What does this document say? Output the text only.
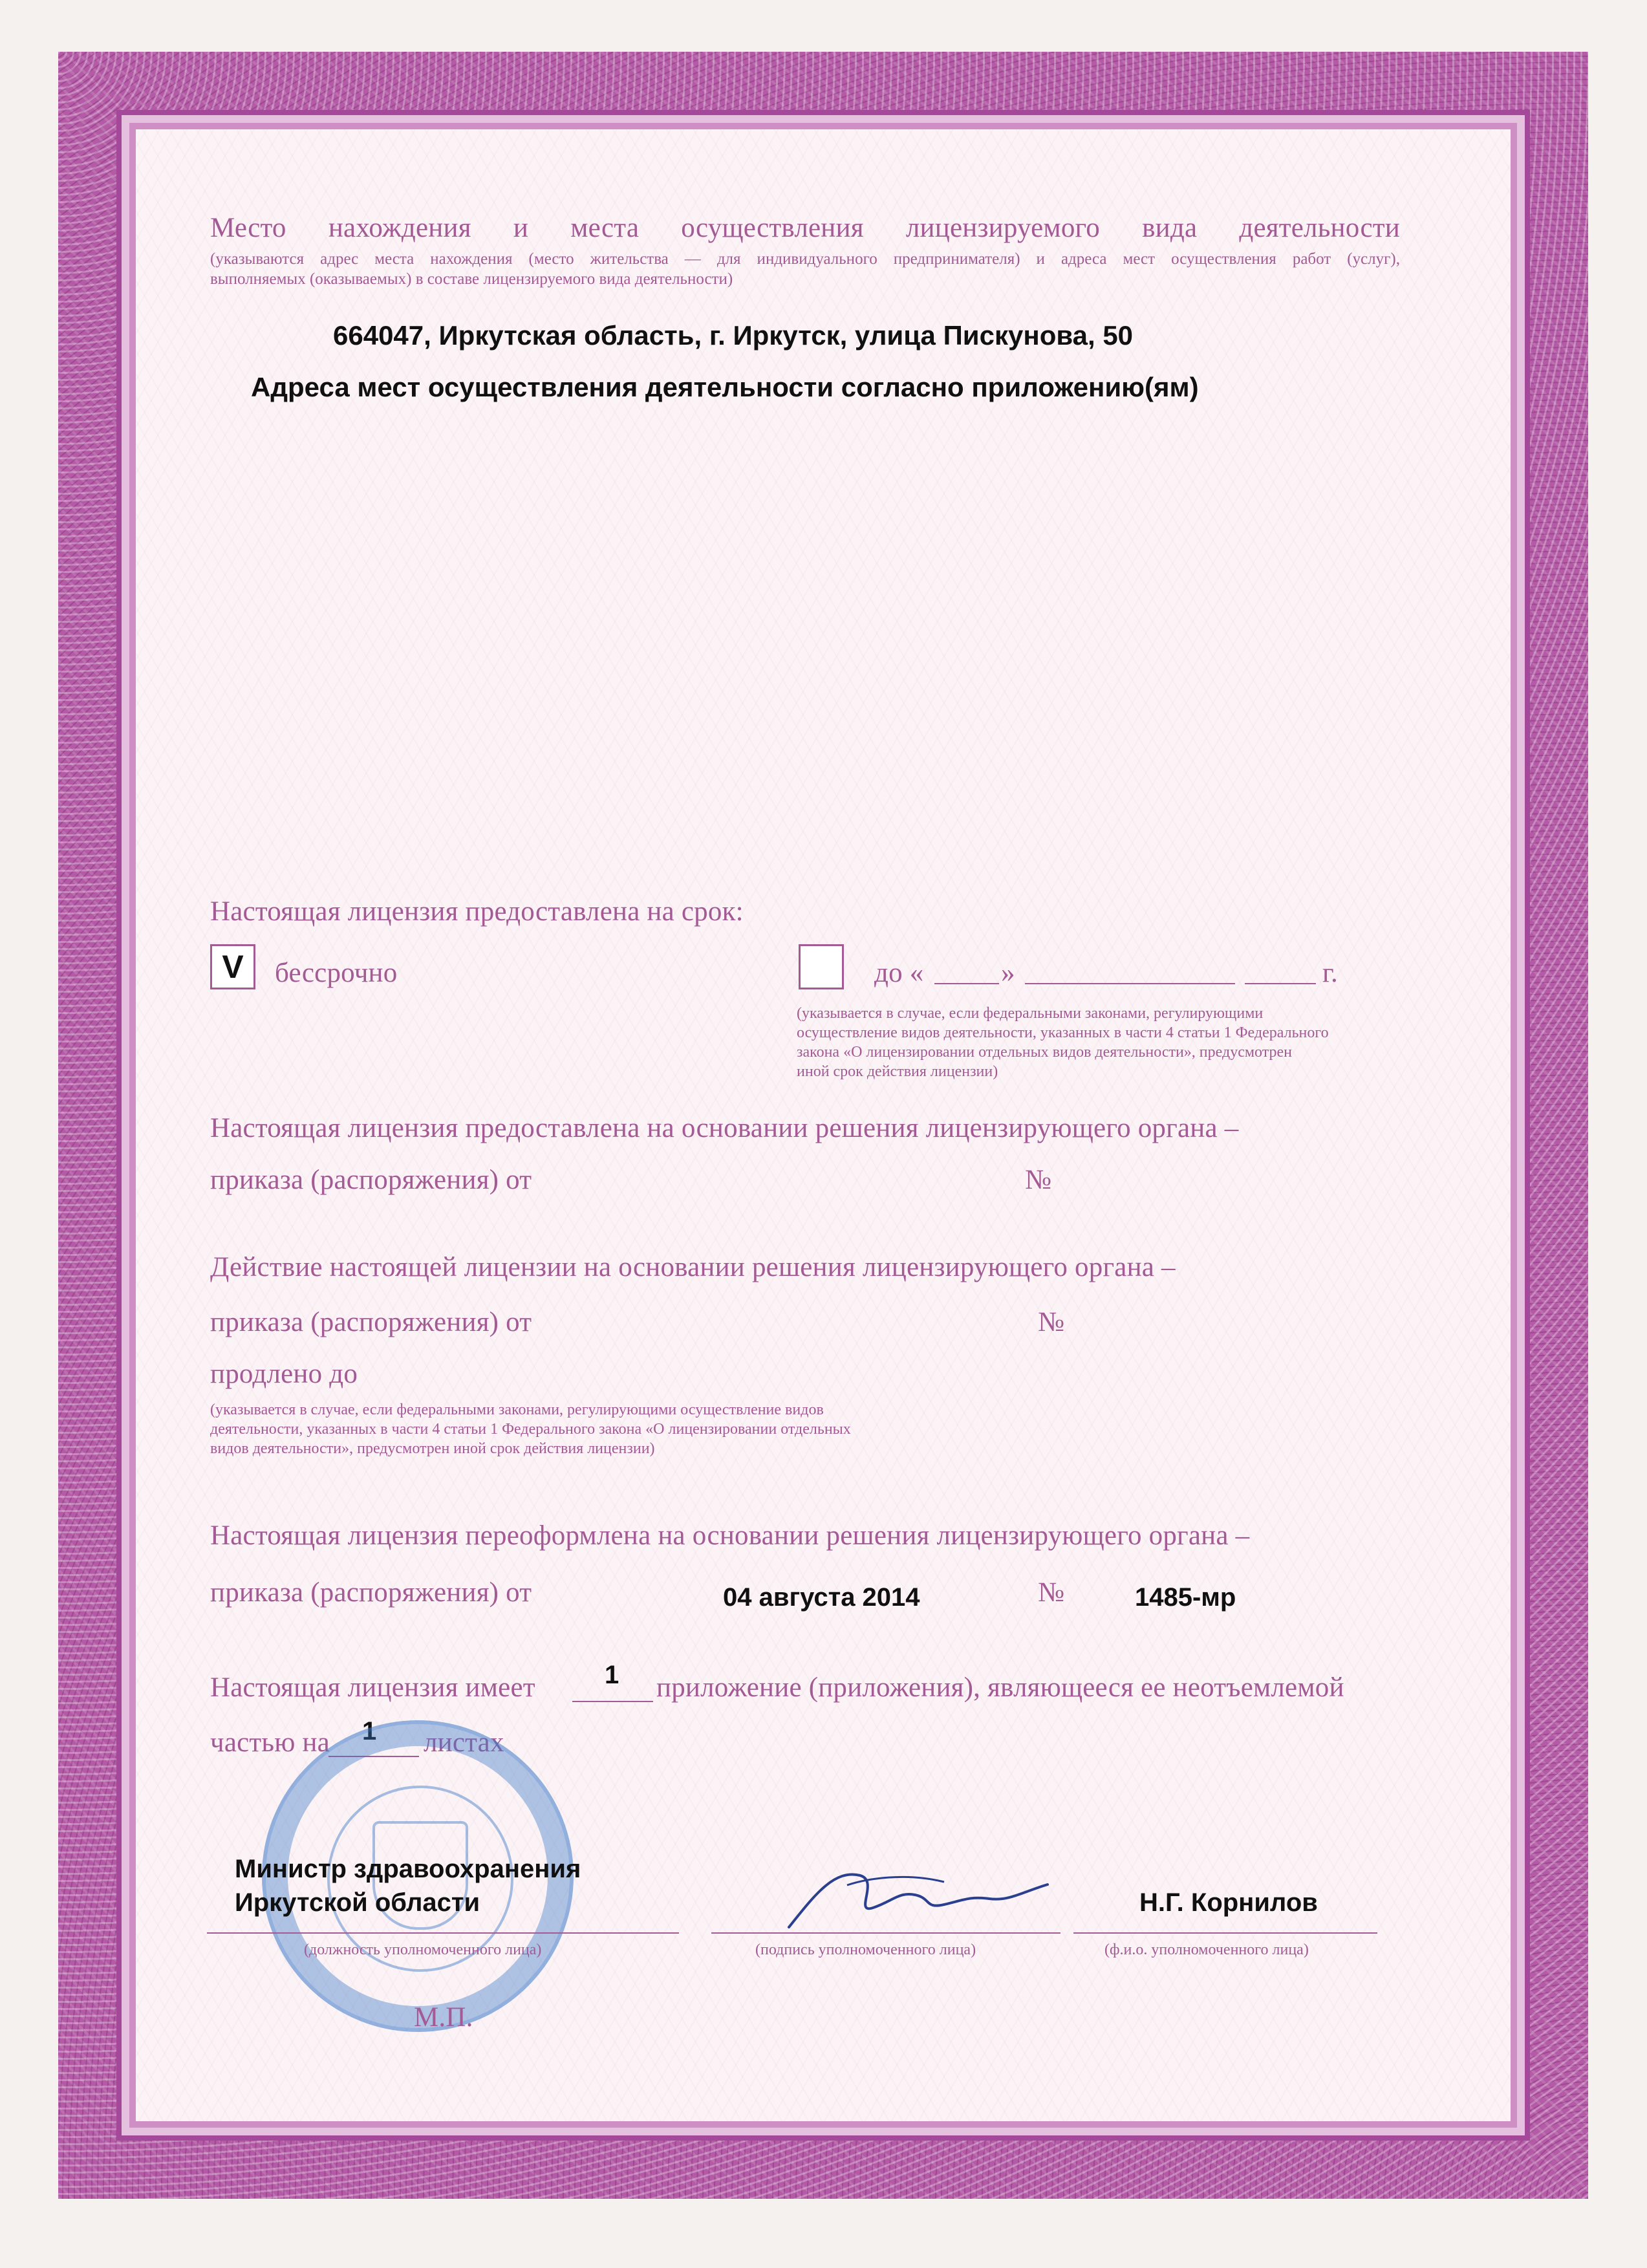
Место нахождения и места осуществления лицензируемого вида деятельности
(указываются адрес места нахождения (место жительства — для индивидуального предпринимателя) и адреса мест осуществления работ (услуг),
выполняемых (оказываемых) в составе лицензируемого вида деятельности)
664047, Иркутская область, г. Иркутск, улица Пискунова, 50
Адреса мест осуществления деятельности согласно приложению(ям)
Настоящая лицензия предоставлена на срок:
V бессрочно	до «	»	г.
(указывается в случае, если федеральными законами, регулирующими
осуществление видов деятельности, указанных в части 4 статьи 1 Федерального
закона «О лицензировании отдельных видов деятельности», предусмотрен
иной срок действия лицензии)
Настоящая лицензия предоставлена на основании решения лицензирующего органа –
приказа (распоряжения) от	№
Действие настоящей лицензии на основании решения лицензирующего органа –
приказа (распоряжения) от	№
продлено до
(указывается в случае, если федеральными законами, регулирующими осуществление видов
деятельности, указанных в части 4 статьи 1 Федерального закона «О лицензировании отдельных
видов деятельности», предусмотрен иной срок действия лицензии)
Настоящая лицензия переоформлена на основании решения лицензирующего органа –
приказа (распоряжения) от	04 августа 2014	№	1485-мр
Настоящая лицензия имеет	1 приложение (приложения), являющееся ее неотъемлемой
частью на 1 листах
Министр здравоохранения
Иркутской области	Н.Г. Корнилов
(должность уполномоченного лица)	(подпись уполномоченного лица)	(ф.и.о. уполномоченного лица)
М.П.
